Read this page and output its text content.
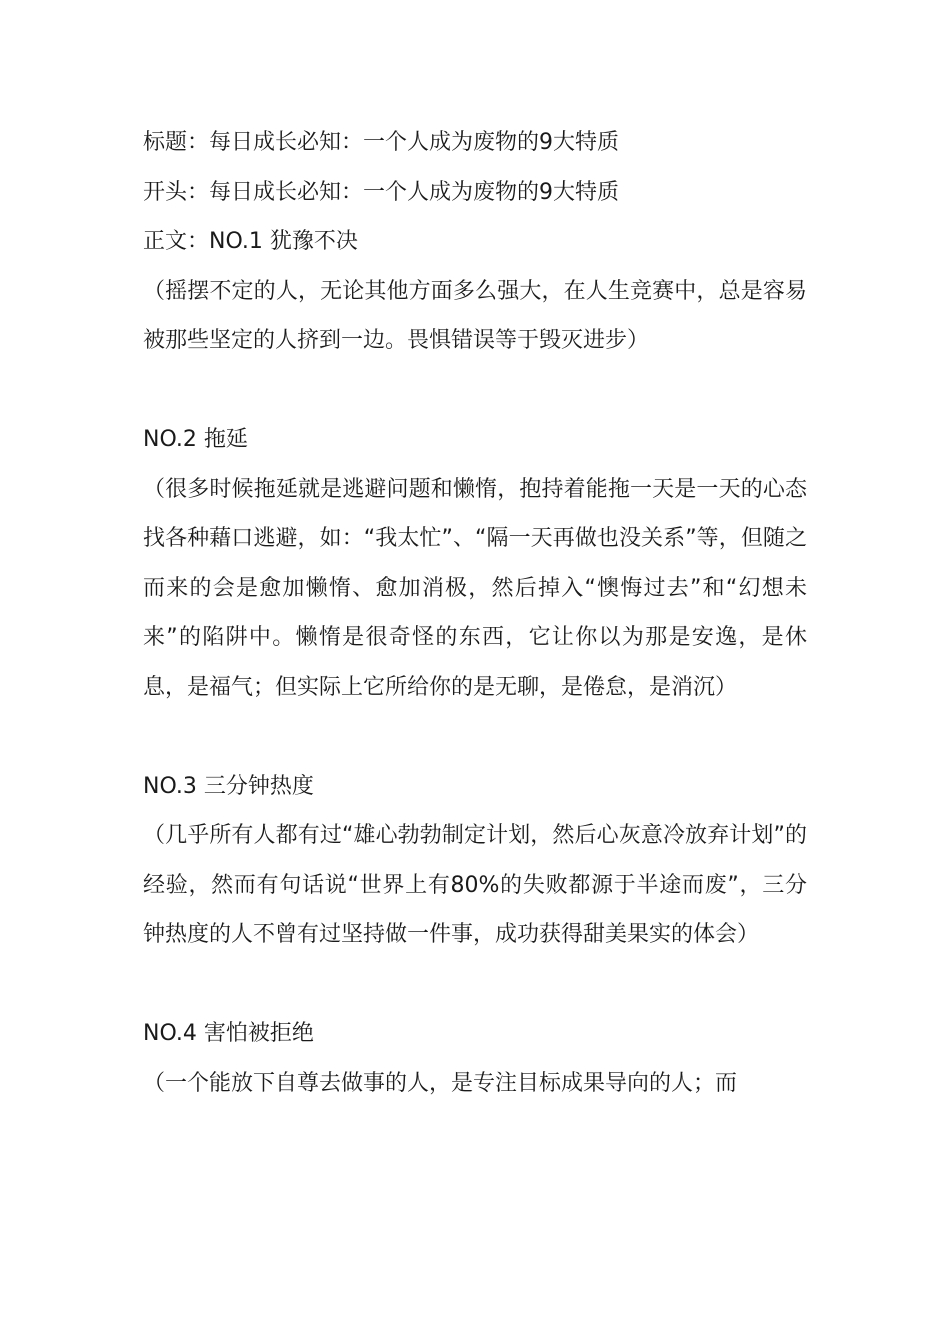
标题：每日成长必知：一个人成为废物的9大特质
开头：每日成长必知：一个人成为废物的9大特质
正文：NO.1 犹豫不决

（摇摆不定的人，无论其他方面多么强大，在人生竞赛中，总是容易被那些坚定的人挤到一边。畏惧错误等于毁灭进步）

NO.2 拖延

（很多时候拖延就是逃避问题和懒惰，抱持着能拖一天是一天的心态找各种藉口逃避，如：“我太忙”、“隔一天再做也没关系”等，但随之而来的会是愈加懒惰、愈加消极，然后掉入“懊悔过去”和“幻想未来”的陷阱中。懒惰是很奇怪的东西，它让你以为那是安逸，是休息，是福气；但实际上它所给你的是无聊，是倦怠，是消沉）

NO.3 三分钟热度

（几乎所有人都有过“雄心勃勃制定计划，然后心灰意冷放弃计划”的经验，然而有句话说“世界上有80%的失败都源于半途而废”，三分钟热度的人不曾有过坚持做一件事，成功获得甜美果实的体会）

NO.4 害怕被拒绝

（一个能放下自尊去做事的人，是专注目标成果导向的人；而
